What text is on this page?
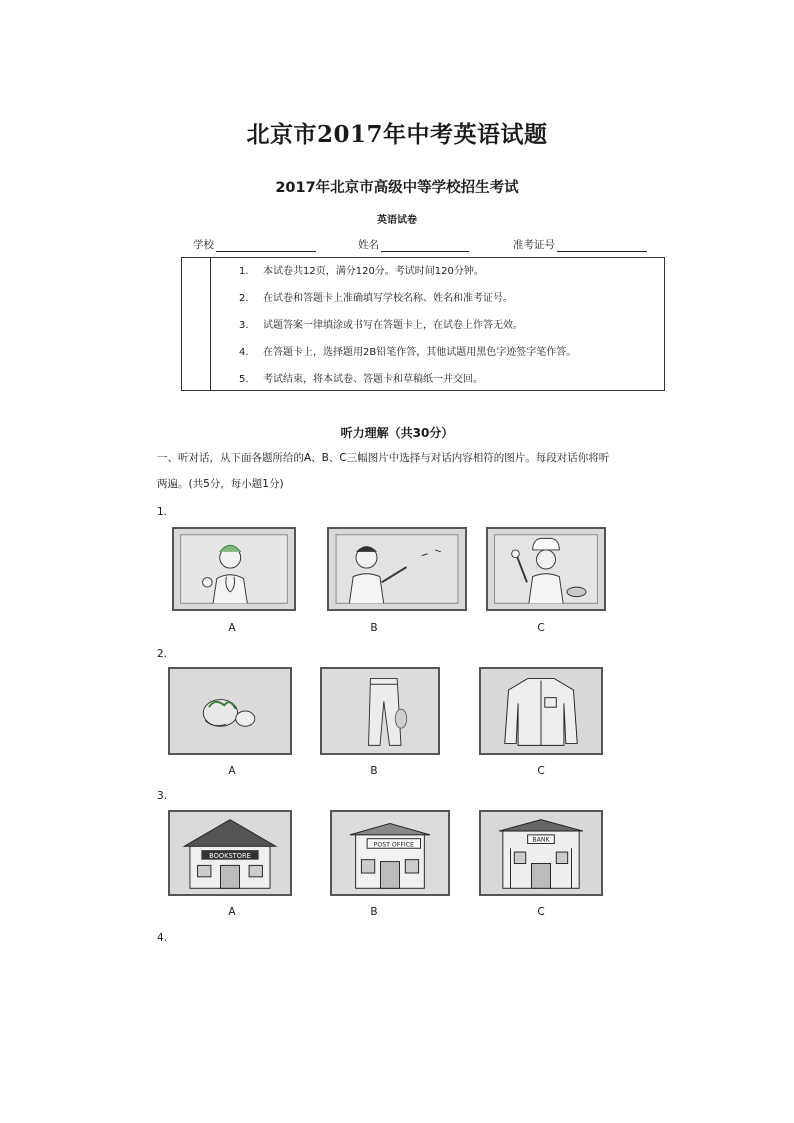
北京市2017年中考英语试题
2017年北京市高级中等学校招生考试
英语试卷
学校	姓名	准考证号
1.	本试卷共12页，满分120分。考试时间120分钟。
2.	在试卷和答题卡上准确填写学校名称、姓名和准考证号。
3.	试题答案一律填涂或书写在答题卡上，在试卷上作答无效。
4.	在答题卡上，选择题用2B铅笔作答，其他试题用黑色字迹签字笔作答。
5.	考试结束，将本试卷、答题卡和草稿纸一并交回。
听力理解（共30分）
一、听对话，从下面各题所给的A、B、C三幅图片中选择与对话内容相符的图片。每段对话你将听
两遍。(共5分，每小题1分)
1.
A	B	C
2.
A	B	C
3.
BOOKSTORE
POST OFFICE
BANK
A	B	C
4.
